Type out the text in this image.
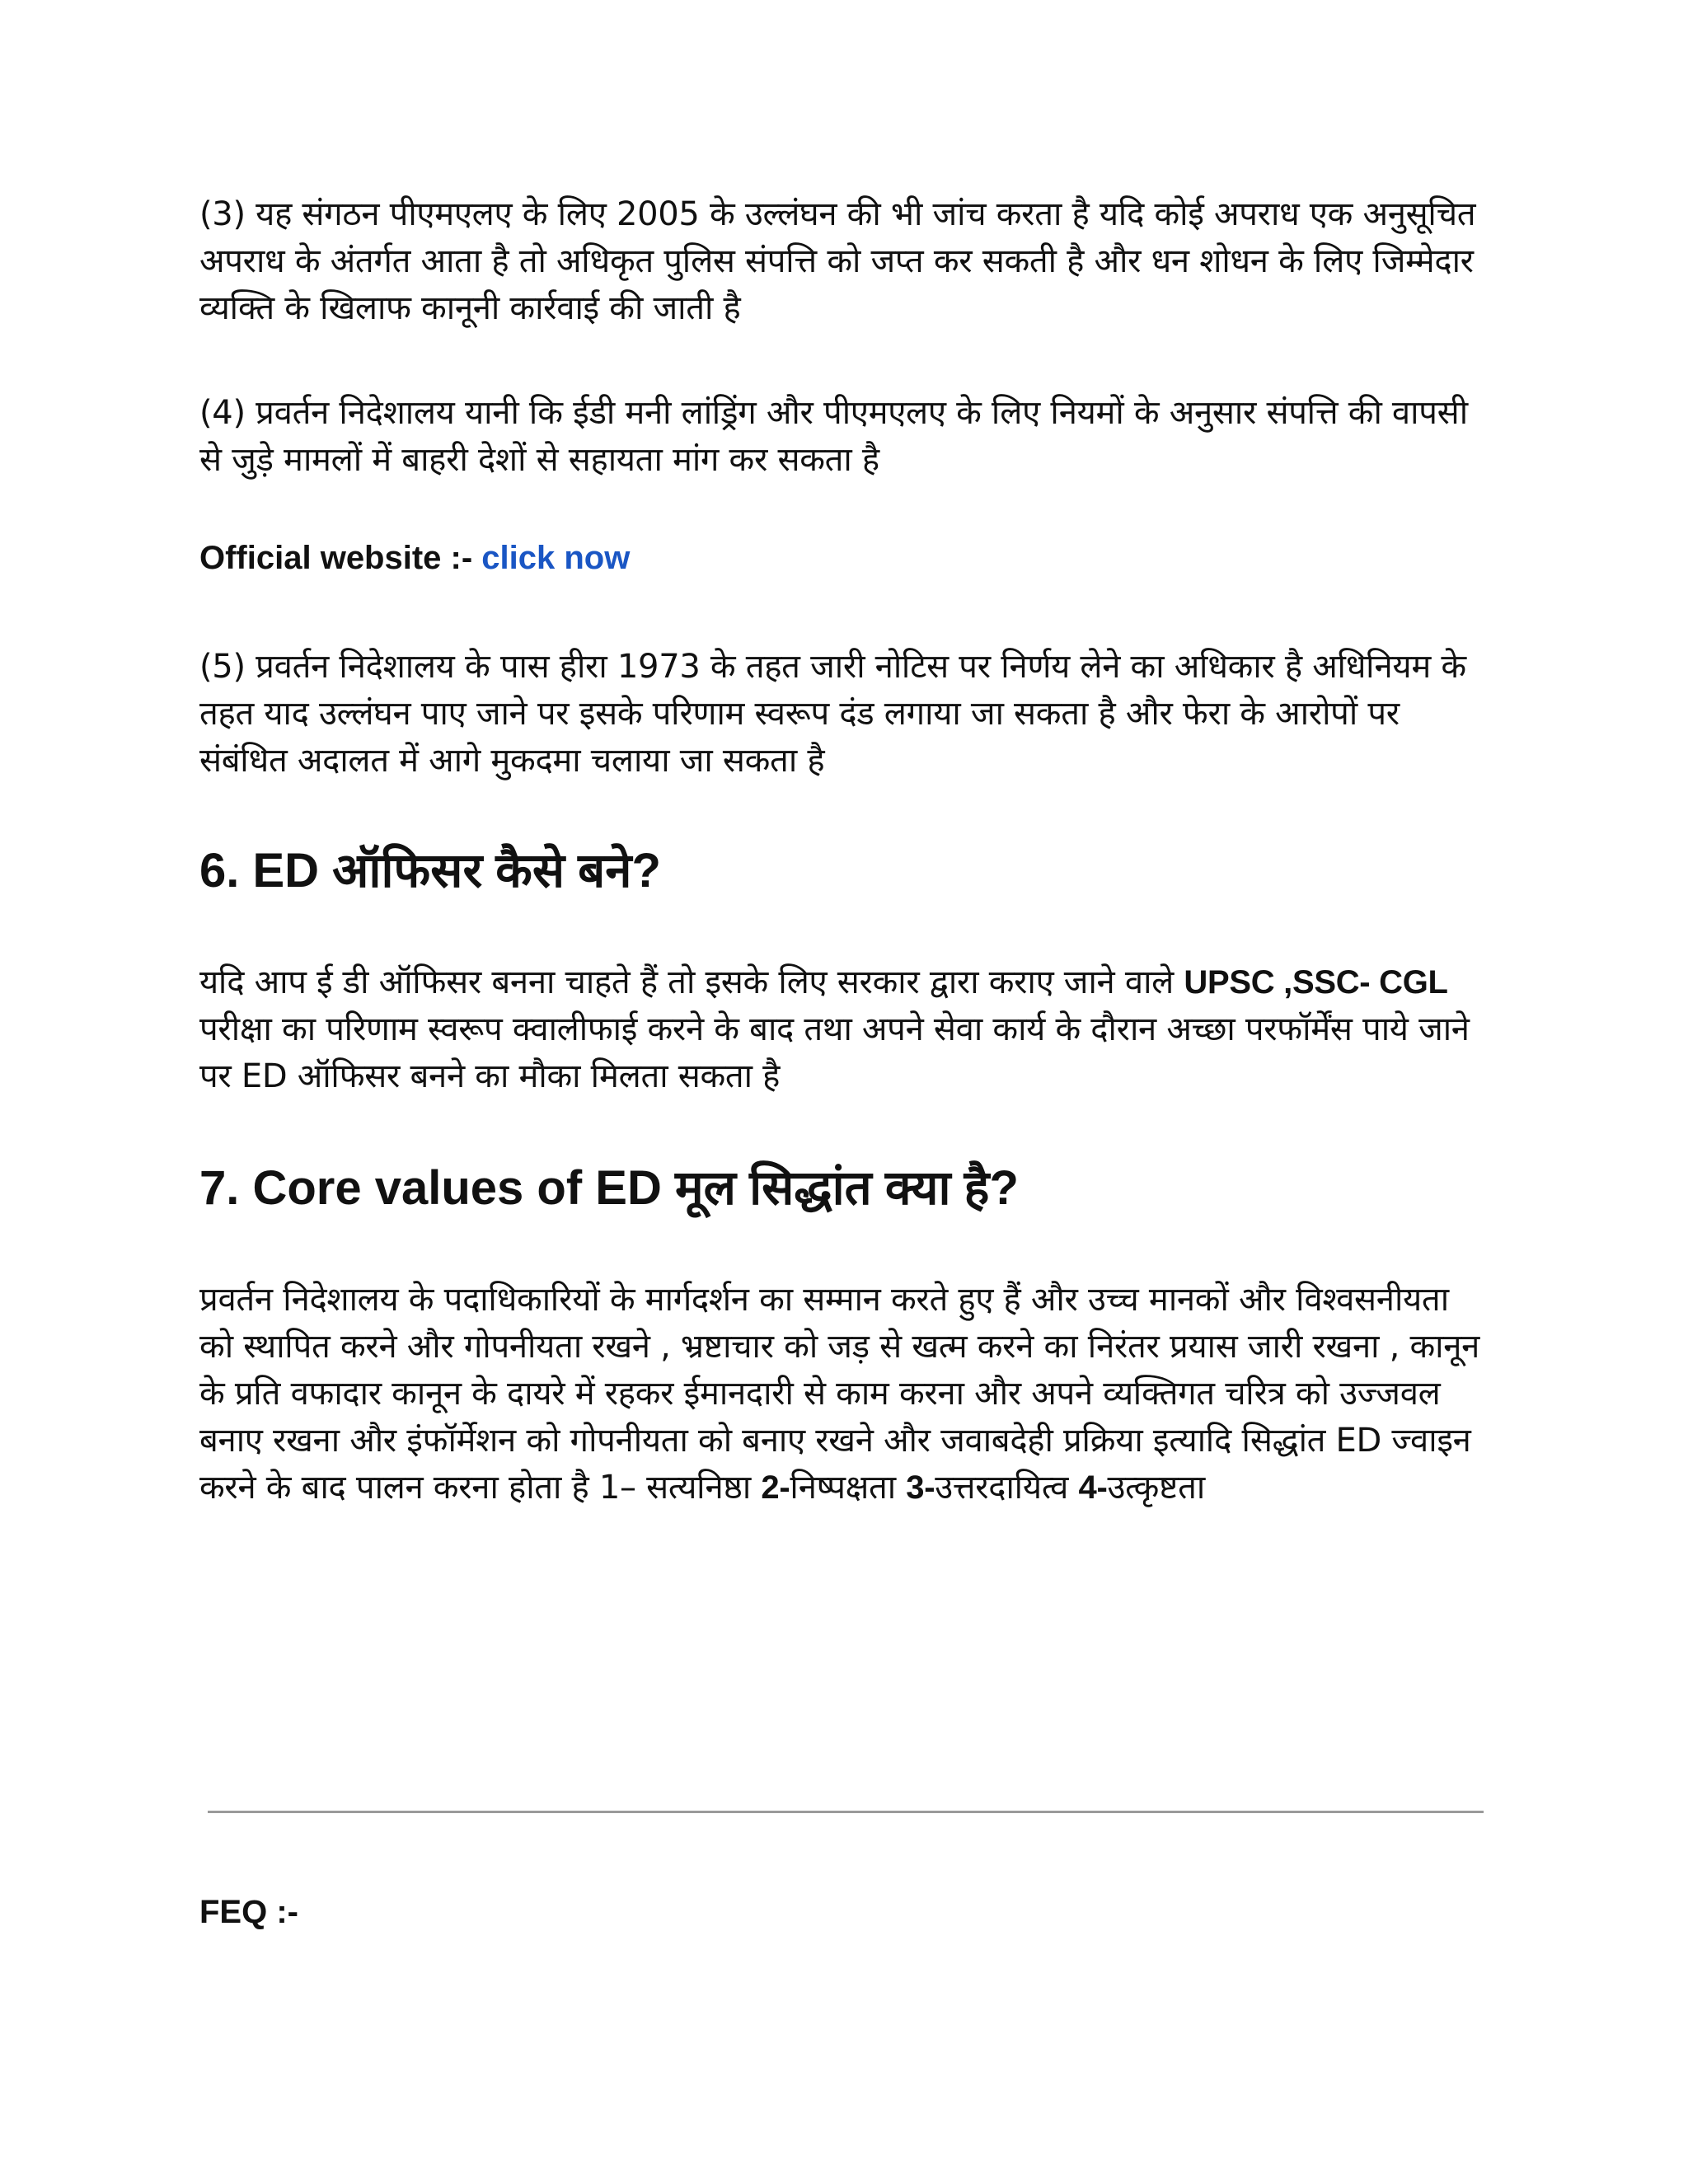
(3) यह संगठन पीएमएलए के लिए 2005 के उल्लंघन की भी जांच करता है यदि कोई अपराध एक अनुसूचित अपराध के अंतर्गत आता है तो अधिकृत पुलिस संपत्ति को जप्त कर सकती है और धन शोधन के लिए जिम्मेदार व्यक्ति के खिलाफ कानूनी कार्रवाई की जाती है

(4) प्रवर्तन निदेशालय यानी कि ईडी मनी लांड्रिंग और पीएमएलए के लिए नियमों के अनुसार संपत्ति की वापसी से जुड़े मामलों में बाहरी देशों से सहायता मांग कर सकता है

Official website :- click now

(5) प्रवर्तन निदेशालय के पास हीरा 1973 के तहत जारी नोटिस पर निर्णय लेने का अधिकार है अधिनियम के तहत याद उल्लंघन पाए जाने पर इसके परिणाम स्वरूप दंड लगाया जा सकता है और फेरा के आरोपों पर संबंधित अदालत में आगे मुकदमा चलाया जा सकता है

6. ED ऑफिसर कैसे बने?

यदि आप ई डी ऑफिसर बनना चाहते हैं तो इसके लिए सरकार द्वारा कराए जाने वाले UPSC ,SSC- CGL परीक्षा का परिणाम स्वरूप क्वालीफाई करने के बाद तथा अपने सेवा कार्य के दौरान अच्छा परफॉर्मेंस पाये जाने पर ED ऑफिसर बनने का मौका मिलता सकता है

7. Core values of ED मूल सिद्धांत क्या है?

प्रवर्तन निदेशालय के पदाधिकारियों के मार्गदर्शन का सम्मान करते हुए हैं और उच्च मानकों और विश्वसनीयता को स्थापित करने और गोपनीयता रखने , भ्रष्टाचार को जड़ से खत्म करने का निरंतर प्रयास जारी रखना , कानून के प्रति वफादार कानून के दायरे में रहकर ईमानदारी से काम करना और अपने व्यक्तिगत चरित्र को उज्जवल बनाए रखना और इंफॉर्मेशन को गोपनीयता को बनाए रखने और जवाबदेही प्रक्रिया इत्यादि सिद्धांत ED ज्वाइन करने के बाद पालन करना होता है 1– सत्यनिष्ठा 2-निष्पक्षता 3-उत्तरदायित्व 4-उत्कृष्टता

FEQ :-
